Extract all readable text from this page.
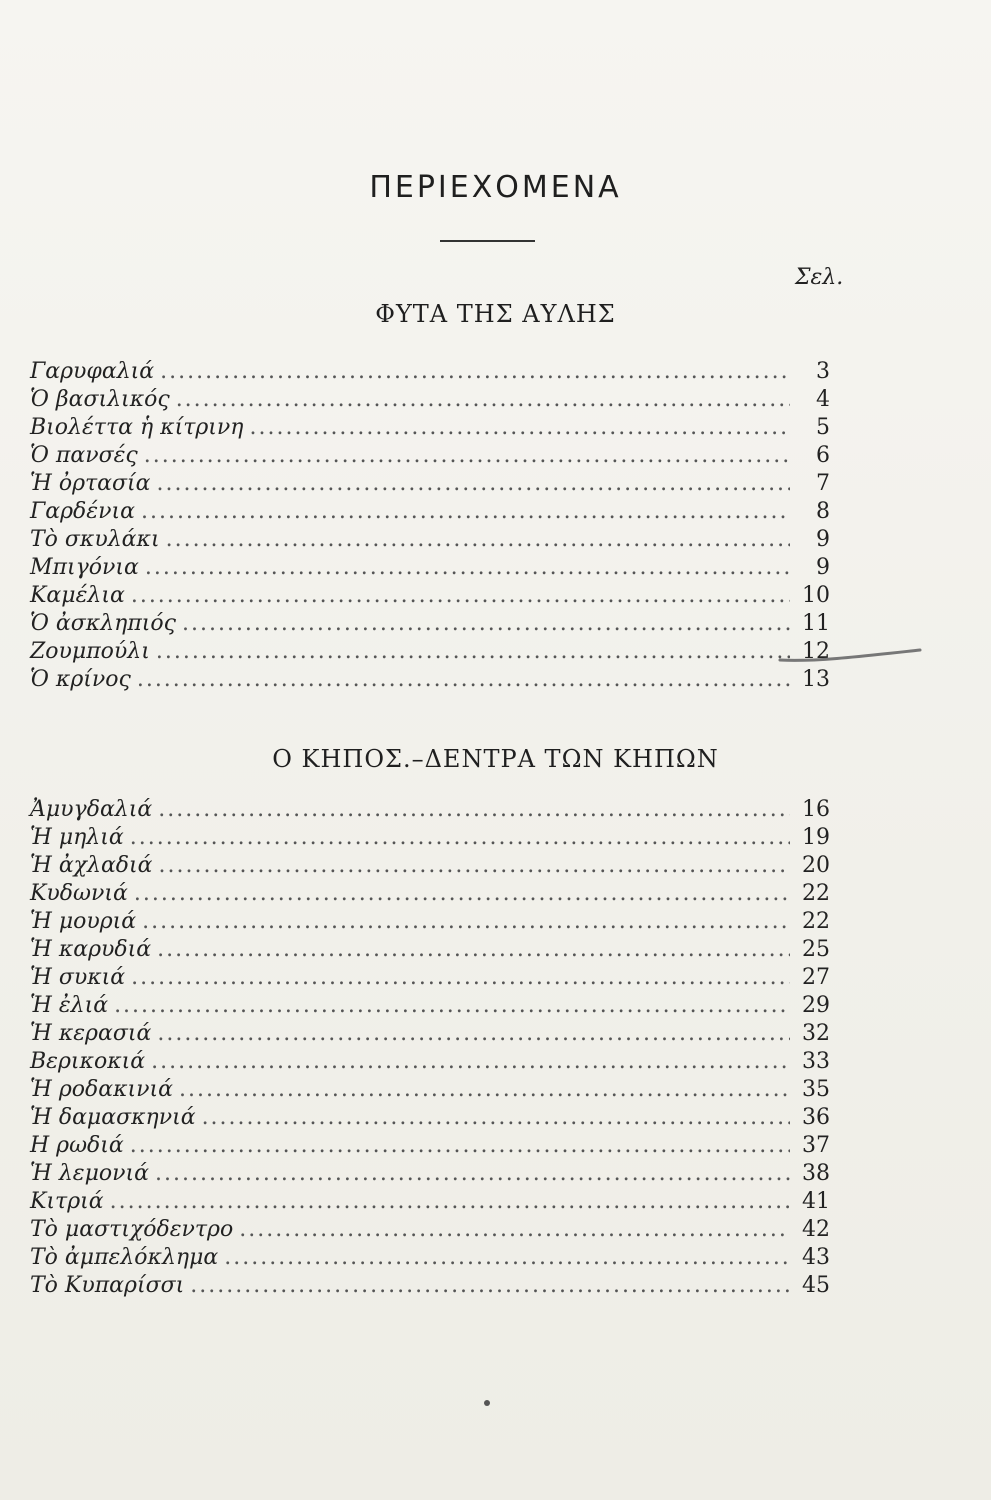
ΠΕΡΙΕΧΟΜΕΝΑ
Σελ.
ΦΥΤΑ ΤΗΣ ΑΥΛΗΣ
Γαρυφαλιά .....	3
Ὁ βασιλικός .....	4
Βιολέττα ἡ κίτρινη .....	5
Ὁ πανσές .....	6
Ἡ ὀρτασία .....	7
Γαρδένια .....	8
Τὸ σκυλάκι .....	9
Μπιγόνια .....	9
Καμέλια .....	10
Ὁ ἀσκληπιός .....	11
Ζουμπούλι .....	12
Ὁ κρίνος .....	13
Ο ΚΗΠΟΣ.–ΔΕΝΤΡΑ ΤΩΝ ΚΗΠΩΝ
Ἀμυγδαλιά .....	16
Ἡ μηλιά .....	19
Ἡ ἀχλαδιά .....	20
Κυδωνιά .....	22
Ἡ μουριά .....	22
Ἡ καρυδιά .....	25
Ἡ συκιά .....	27
Ἡ ἐλιά .....	29
Ἡ κερασιά .....	32
Βερικοκιά .....	33
Ἡ ροδακινιά .....	35
Ἡ δαμασκηνιά .....	36
Η ρωδιά .....	37
Ἡ λεμονιά .....	38
Κιτριά .....	41
Τὸ μαστιχόδεντρο .....	42
Τὸ ἀμπελόκλημα .....	43
Τὸ Κυπαρίσσι .....	45
